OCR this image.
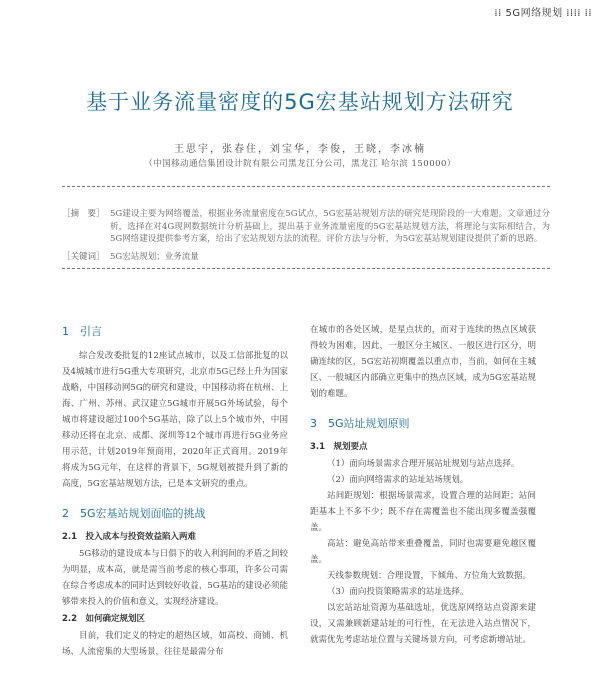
⁞⁞ 5G网络规划 ⁞⁞⁞⁞ ⁞⁞
基于业务流量密度的5G宏基站规划方法研究
王思宇，张春住，刘宝华，李俊，王晓，李冰楠
（中国移动通信集团设计院有限公司黑龙江分公司，黑龙江 哈尔滨 150000）
［摘　要］ 5G建设主要为网络覆盖，根据业务流量密度在5G试点，5G宏基站规划方法的研究是现阶段的一大难题。文章通过分析，选择在对4G现网数据统计分析基础上，提出基于业务流量密度的5G宏基站规划方法，将理论与实际相结合，为5G网络建设提供参考方案，给出了宏站规划方法的流程。评价方法与分析，为5G宏基站规划建设提供了新的思路。
［关键词］ 5G宏站规划；业务流量
1　引言

综合发改委批复的12座试点城市，以及工信部批复的以及4城城市进行5G重大专项研究，北京市5G已经上升为国家战略，中国移动网5G的研究和建设，中国移动将在杭州、上海、广州、苏州、武汉建立5G城市开展5G外场试验，每个城市将建设超过100个5G基站，除了以上5个城市外，中国移动还将在北京、成都、深圳等12个城市再进行5G业务应用示范，计划2019年预商用，2020年正式商用。2019年将成为5G元年，在这样的背景下，5G规划被提升到了新的高度，5G宏基站规划方法，已是本文研究的重点。

2　5G宏基站规划面临的挑战
2.1　投入成本与投资效益陷入两难

5G移动的建设成本与日俱下的收入利润间的矛盾之间较为明显，成本高，就是需当前考虑的核心事项，许多公司需在综合考虑成本的同时达到较好收益，5G基站的建设必须能够带来投入的价值和意义，实现经济建设。

2.2　如何确定规划区

目前，我们定义的特定的超热区域，如高校、商铺、机场、人流密集的大型场景，往往是最需分布

在城市的各处区域，是星点状的，而对于连续的热点区域获得较为困难，因此，一般区分主城区、一般区进行区分，明确连续的区，5G宏站初期覆盖以重点市，当前，如何在主城区、一般城区内部确立更集中的热点区域，成为5G宏基站规划的难题。

3　5G站址规划原则
3.1　规划要点

（1）面向场景需求合理开展站址规划与站点选择。

（2）面向网络需求的站址站场规划。

站间距规划：根据场景需求，设置合理的站间距；站间距基本上不多不少；既不存在需覆盖也不能出现多覆盖强覆盖。

高站：避免高站带来重叠覆盖，同时也需要避免越区覆盖。

天线参数规划：合理设置，下倾角、方位角大致数据。

（3）面向投资策略需求的站址选择。

以宏站站址资源为基础选址，优选原网络站点资源来建设，又需兼顾新建站址的可行性，在无法进入站点情况下，就需优先考虑站址位置与关键场景方向，可考虑新增站址。
